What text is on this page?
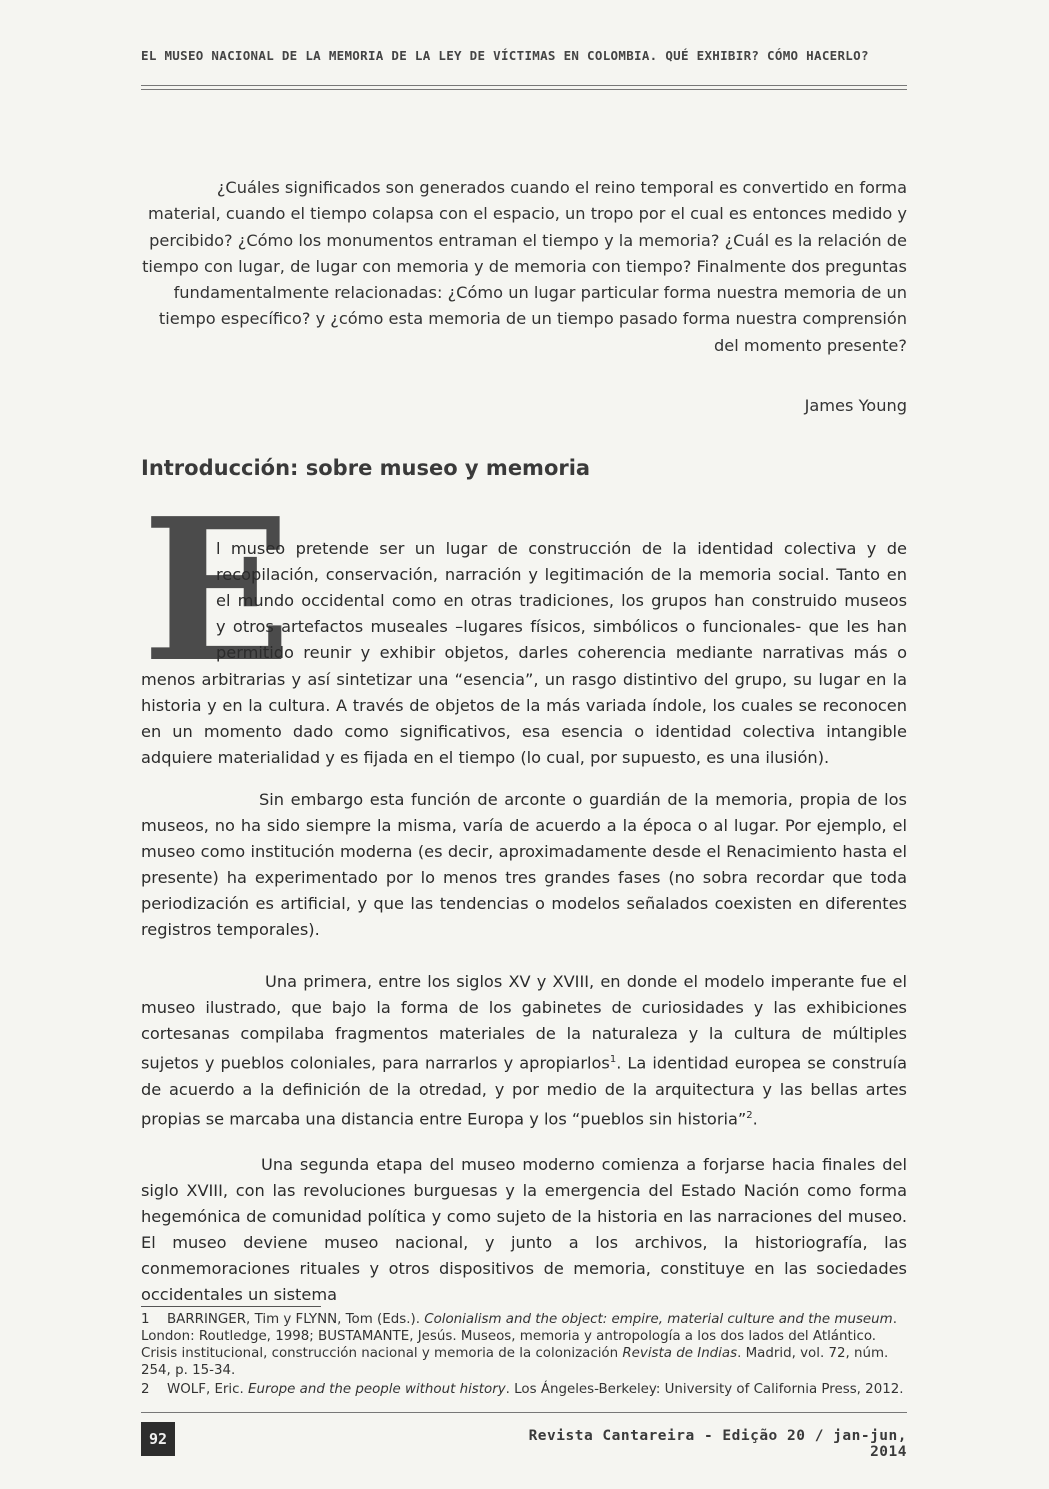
EL MUSEO NACIONAL DE LA MEMORIA DE LA LEY DE VÍCTIMAS EN COLOMBIA. QUÉ EXHIBIR? CÓMO HACERLO?
¿Cuáles significados son generados cuando el reino temporal es convertido en forma material, cuando el tiempo colapsa con el espacio, un tropo por el cual es entonces medido y percibido? ¿Cómo los monumentos entraman el tiempo y la memoria? ¿Cuál es la relación de tiempo con lugar, de lugar con memoria y de memoria con tiempo? Finalmente dos preguntas fundamentalmente relacionadas: ¿Cómo un lugar particular forma nuestra memoria de un tiempo específico? y ¿cómo esta memoria de un tiempo pasado forma nuestra comprensión del momento presente?
James Young
Introducción: sobre museo y memoria
E
l museo pretende ser un lugar de construcción de la identidad colectiva y de
recopilación, conservación, narración y legitimación de la memoria social. Tanto en
el mundo occidental como en otras tradiciones, los grupos han construido museos
y otros artefactos museales –lugares físicos, simbólicos o funcionales- que les han
permitido reunir y exhibir objetos, darles coherencia mediante narrativas más o
menos arbitrarias y así sintetizar una “esencia”, un rasgo distintivo del grupo, su lugar en la historia y en la cultura. A través de objetos de la más variada índole, los cuales se reconocen en un momento dado como significativos, esa esencia o identidad colectiva intangible adquiere materialidad y es fijada en el tiempo (lo cual, por supuesto, es una ilusión).
Sin embargo esta función de arconte o guardián de la memoria, propia de los museos, no ha sido siempre la misma, varía de acuerdo a la época o al lugar. Por ejemplo, el museo como institución moderna (es decir, aproximadamente desde el Renacimiento hasta el presente) ha experimentado por lo menos tres grandes fases (no sobra recordar que toda periodización es artificial, y que las tendencias o modelos señalados coexisten en diferentes registros temporales).
Una primera, entre los siglos XV y XVIII, en donde el modelo imperante fue el museo ilustrado, que bajo la forma de los gabinetes de curiosidades y las exhibiciones cortesanas compilaba fragmentos materiales de la naturaleza y la cultura de múltiples sujetos y pueblos coloniales, para narrarlos y apropiarlos$^1$. La identidad europea se construía de acuerdo a la definición de la otredad, y por medio de la arquitectura y las bellas artes propias se marcaba una distancia entre Europa y los “pueblos sin historia”$^2$.
Una segunda etapa del museo moderno comienza a forjarse hacia finales del siglo XVIII, con las revoluciones burguesas y la emergencia del Estado Nación como forma hegemónica de comunidad política y como sujeto de la historia en las narraciones del museo. El museo deviene museo nacional, y junto a los archivos, la historiografía, las conmemoraciones rituales y otros dispositivos de memoria, constituye en las sociedades occidentales un sistema

1 BARRINGER, Tim y FLYNN, Tom (Eds.). Colonialism and the object: empire, material culture and the museum. London: Routledge, 1998; BUSTAMANTE, Jesús. Museos, memoria y antropología a los dos lados del Atlántico. Crisis institucional, construcción nacional y memoria de la colonización Revista de Indias. Madrid, vol. 72, núm. 254, p. 15-34.

2 WOLF, Eric. Europe and the people without history. Los Ángeles-Berkeley: University of California Press, 2012.

92	Revista Cantareira - Edição 20 / jan-jun, 2014
